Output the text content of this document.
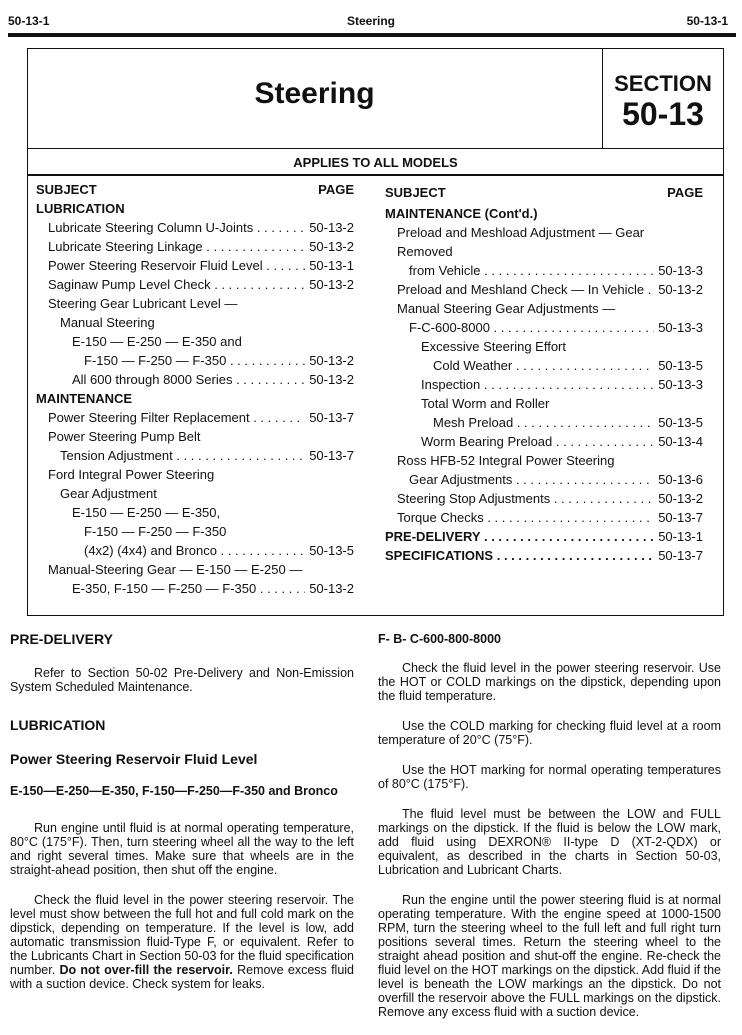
50-13-1	Steering	50-13-1
Steering	SECTION
50-13
APPLIES TO ALL MODELS
SUBJECT	PAGE
LUBRICATION
Lubricate Steering Column U-Joints . . .	50-13-2
Lubricate Steering Linkage . . .	50-13-2
Power Steering Reservoir Fluid Level . . .	50-13-1
Saginaw Pump Level Check . . .	50-13-2
Steering Gear Lubricant Level —
Manual Steering
E-150 — E-250 — E-350 and
F-150 — F-250 — F-350 . . .	50-13-2
All 600 through 8000 Series . . .	50-13-2
MAINTENANCE
Power Steering Filter Replacement . . .	50-13-7
Power Steering Pump Belt
Tension Adjustment . . .	50-13-7
Ford Integral Power Steering
Gear Adjustment
E-150 — E-250 — E-350,
F-150 — F-250 — F-350
(4x2) (4x4) and Bronco . . .	50-13-5
Manual-Steering Gear — E-150 — E-250 —
E-350, F-150 — F-250 — F-350 . . .	50-13-2
SUBJECT	PAGE
MAINTENANCE (Cont'd.)
Preload and Meshload Adjustment — Gear Removed
from Vehicle . . .	50-13-3
Preload and Meshland Check — In Vehicle . . .	50-13-2
Manual Steering Gear Adjustments —
F-C-600-8000 . . .	50-13-3
Excessive Steering Effort
Cold Weather . . .	50-13-5
Inspection . . .	50-13-3
Total Worm and Roller
Mesh Preload . . .	50-13-5
Worm Bearing Preload . . .	50-13-4
Ross HFB-52 Integral Power Steering
Gear Adjustments . . .	50-13-6
Steering Stop Adjustments . . .	50-13-2
Torque Checks . . .	50-13-7
PRE-DELIVERY . . .	50-13-1
SPECIFICATIONS . . .	50-13-7
PRE-DELIVERY
Refer to Section 50-02 Pre-Delivery and Non-Emission System Scheduled Maintenance.
LUBRICATION
Power Steering Reservoir Fluid Level
E-150—E-250—E-350, F-150—F-250—F-350 and Bronco
Run engine until fluid is at normal operating temperature, 80°C (175°F). Then, turn steering wheel all the way to the left and right several times. Make sure that wheels are in the straight-ahead position, then shut off the engine.
Check the fluid level in the power steering reservoir. The level must show between the full hot and full cold mark on the dipstick, depending on temperature. If the level is low, add automatic transmission fluid-Type F, or equivalent. Refer to the Lubricants Chart in Section 50-03 for the fluid specification number. Do not over-fill the reservoir. Remove excess fluid with a suction device. Check system for leaks.
F- B- C-600-800-8000
Check the fluid level in the power steering reservoir. Use the HOT or COLD markings on the dipstick, depending upon the fluid temperature.
Use the COLD marking for checking fluid level at a room temperature of 20°C (75°F).
Use the HOT marking for normal operating temperatures of 80°C (175°F).
The fluid level must be between the LOW and FULL markings on the dipstick. If the fluid is below the LOW mark, add fluid using DEXRON® II-type D (XT-2-QDX) or equivalent, as described in the charts in Section 50-03, Lubrication and Lubricant Charts.
Run the engine until the power steering fluid is at normal operating temperature. With the engine speed at 1000-1500 RPM, turn the steering wheel to the full left and full right turn positions several times. Return the steering wheel to the straight ahead position and shut-off the engine. Re-check the fluid level on the HOT markings on the dipstick. Add fluid if the level is beneath the LOW markings an the dipstick. Do not overfill the reservoir above the FULL markings on the dipstick. Remove any excess fluid with a suction device.
